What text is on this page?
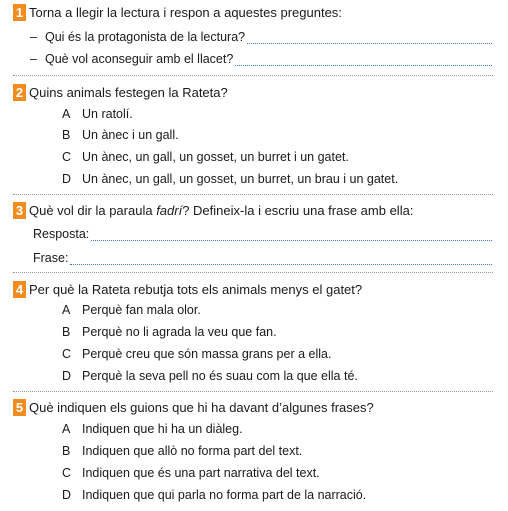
1 Torna a llegir la lectura i respon a aquestes preguntes:
– Qui és la protagonista de la lectura?
– Què vol aconseguir amb el llacet?
2 Quins animals festegen la Rateta?
A Un ratolí.
B Un ànec i un gall.
C Un ànec, un gall, un gosset, un burret i un gatet.
D Un ànec, un gall, un gosset, un burret, un brau i un gatet.
3 Què vol dir la paraula fadrí? Defineix-la i escriu una frase amb ella:
Resposta:
Frase:
4 Per què la Rateta rebutja tots els animals menys el gatet?
A Perquè fan mala olor.
B Perquè no li agrada la veu que fan.
C Perquè creu que són massa grans per a ella.
D Perquè la seva pell no és suau com la que ella té.
5 Què indiquen els guions que hi ha davant d’algunes frases?
A Indiquen que hi ha un diàleg.
B Indiquen que allò no forma part del text.
C Indiquen que és una part narrativa del text.
D Indiquen que qui parla no forma part de la narració.
